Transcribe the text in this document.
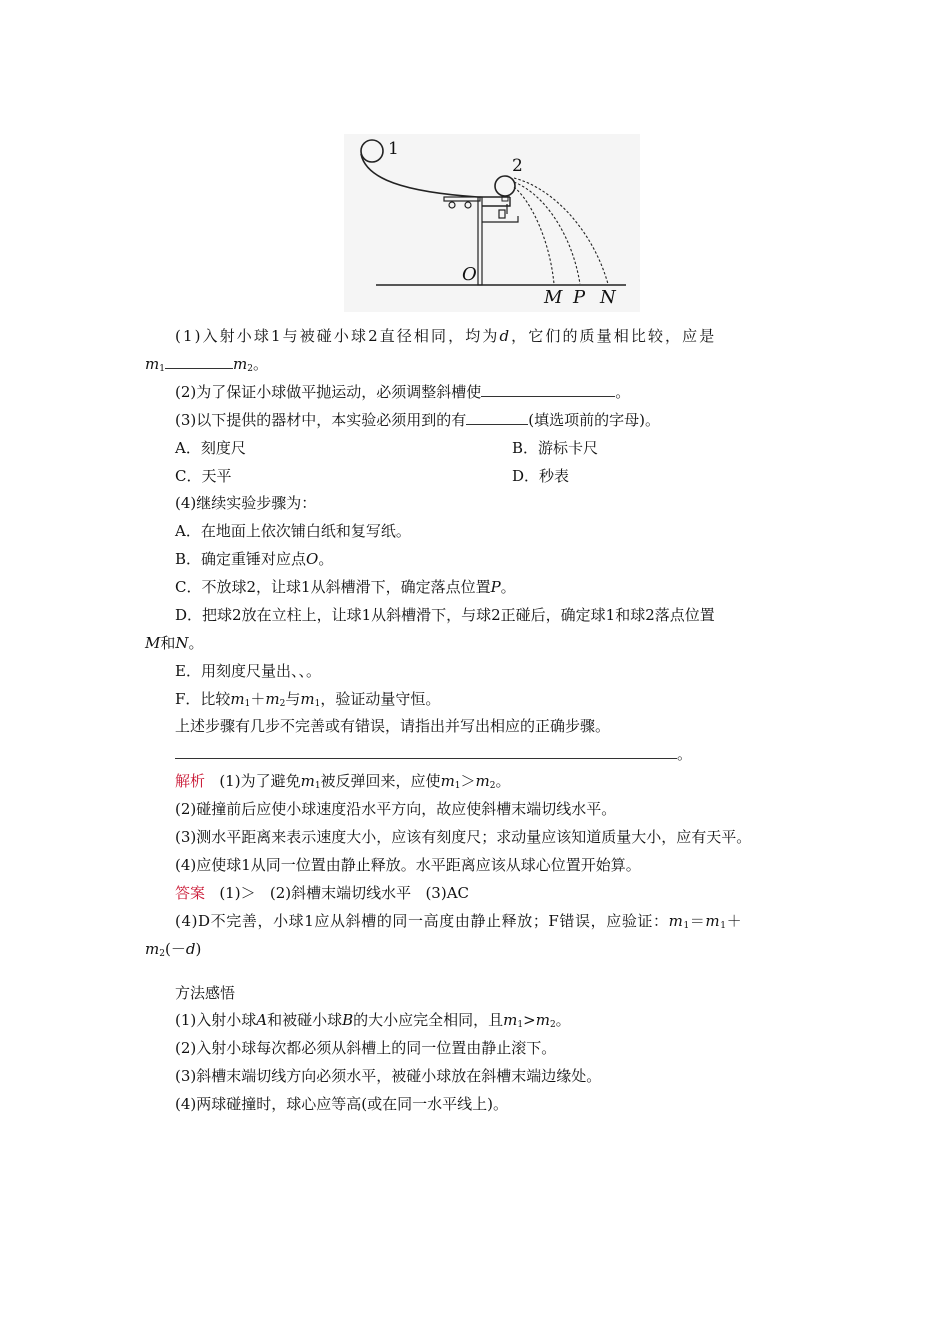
1
2
O
M P N
(1)入射小球1与被碰小球2直径相同，均为d，它们的质量相比较，应是
$m_1$	$m_2$。
(2)为了保证小球做平抛运动，必须调整斜槽使	。
(3)以下提供的器材中，本实验必须用到的有	(填选项前的字母)。
A．刻度尺	B．游标卡尺
C．天平	D．秒表
(4)继续实验步骤为：
A．在地面上依次铺白纸和复写纸。
B．确定重锤对应点O。
C．不放球2，让球1从斜槽滑下，确定落点位置P。
D．把球2放在立柱上，让球1从斜槽滑下，与球2正碰后，确定球1和球2落点位置
M和N。
E．用刻度尺量出、、。
F．比较$m_1+m_2$与$m_1$，验证动量守恒。
上述步骤有几步不完善或有错误，请指出并写出相应的正确步骤。
。
解析 (1)为了避免$m_1$被反弹回来，应使$m_1>m_2$。
(2)碰撞前后应使小球速度沿水平方向，故应使斜槽末端切线水平。
(3)测水平距离来表示速度大小，应该有刻度尺；求动量应该知道质量大小，应有天平。
(4)应使球1从同一位置由静止释放。水平距离应该从球心位置开始算。
答案 (1)＞ (2)斜槽末端切线水平 (3)AC
(4)D不完善，小球1应从斜槽的同一高度由静止释放；F错误，应验证：$m_1=m_1+$
$m_2(-d)$
方法感悟
(1)入射小球A和被碰小球B的大小应完全相同，且$m_1>m_2$。
(2)入射小球每次都必须从斜槽上的同一位置由静止滚下。
(3)斜槽末端切线方向必须水平，被碰小球放在斜槽末端边缘处。
(4)两球碰撞时，球心应等高(或在同一水平线上)。
